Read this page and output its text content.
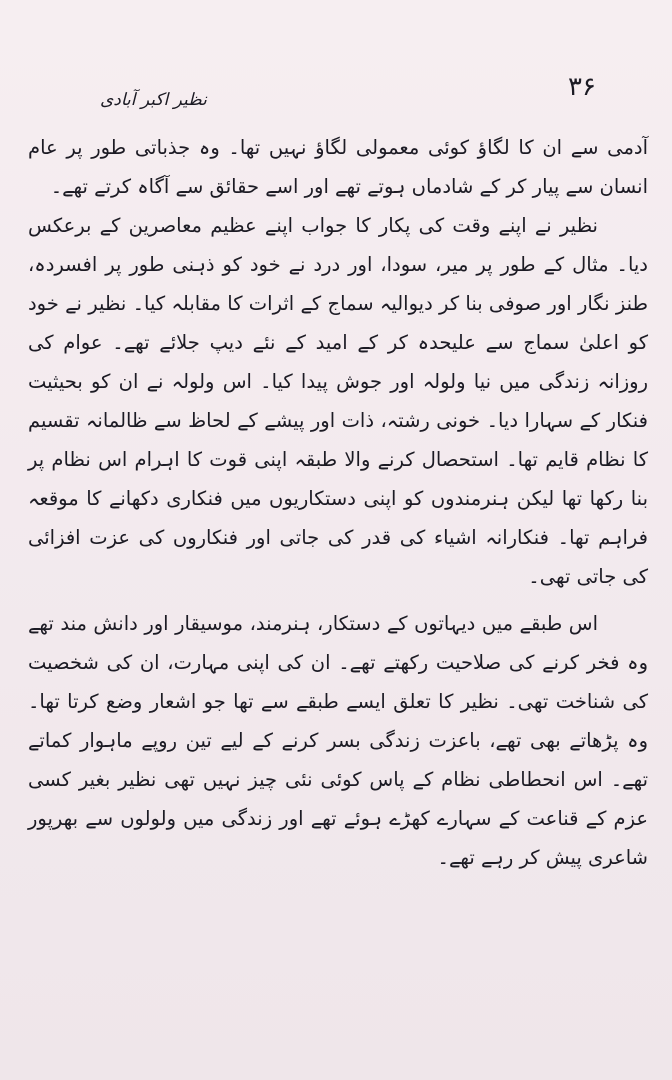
۳۶
نظیر اکبر آبادی

آدمی سے ان کا لگاؤ کوئی معمولی لگاؤ نہیں تھا۔ وہ جذباتی طور پر عام انسان سے پیار کر کے شادماں ہوتے تھے اور اسے حقائق سے آگاہ کرتے تھے۔

نظیر نے اپنے وقت کی پکار کا جواب اپنے عظیم معاصرین کے برعکس دیا۔ مثال کے طور پر میر، سودا، اور درد نے خود کو ذہنی طور پر افسردہ، طنز نگار اور صوفی بنا کر دیوالیہ سماج کے اثرات کا مقابلہ کیا۔ نظیر نے خود کو اعلیٰ سماج سے علیحدہ کر کے امید کے نئے دیپ جلائے تھے۔ عوام کی روزانہ زندگی میں نیا ولولہ اور جوش پیدا کیا۔ اس ولولہ نے ان کو بحیثیت فنکار کے سہارا دیا۔ خونی رشتہ، ذات اور پیشے کے لحاظ سے ظالمانہ تقسیم کا نظام قایم تھا۔ استحصال کرنے والا طبقہ اپنی قوت کا اہرام اس نظام پر بنا رکھا تھا لیکن ہنرمندوں کو اپنی دستکاریوں میں فنکاری دکھانے کا موقعہ فراہم تھا۔ فنکارانہ اشیاء کی قدر کی جاتی اور فنکاروں کی عزت افزائی کی جاتی تھی۔

اس طبقے میں دیہاتوں کے دستکار، ہنرمند، موسیقار اور دانش مند تھے وہ فخر کرنے کی صلاحیت رکھتے تھے۔ ان کی اپنی مہارت، ان کی شخصیت کی شناخت تھی۔ نظیر کا تعلق ایسے طبقے سے تھا جو اشعار وضع کرتا تھا۔ وہ پڑھاتے بھی تھے، باعزت زندگی بسر کرنے کے لیے تین روپے ماہوار کماتے تھے۔ اس انحطاطی نظام کے پاس کوئی نئی چیز نہیں تھی نظیر بغیر کسی عزم کے قناعت کے سہارے کھڑے ہوئے تھے اور زندگی میں ولولوں سے بھرپور شاعری پیش کر رہے تھے۔
